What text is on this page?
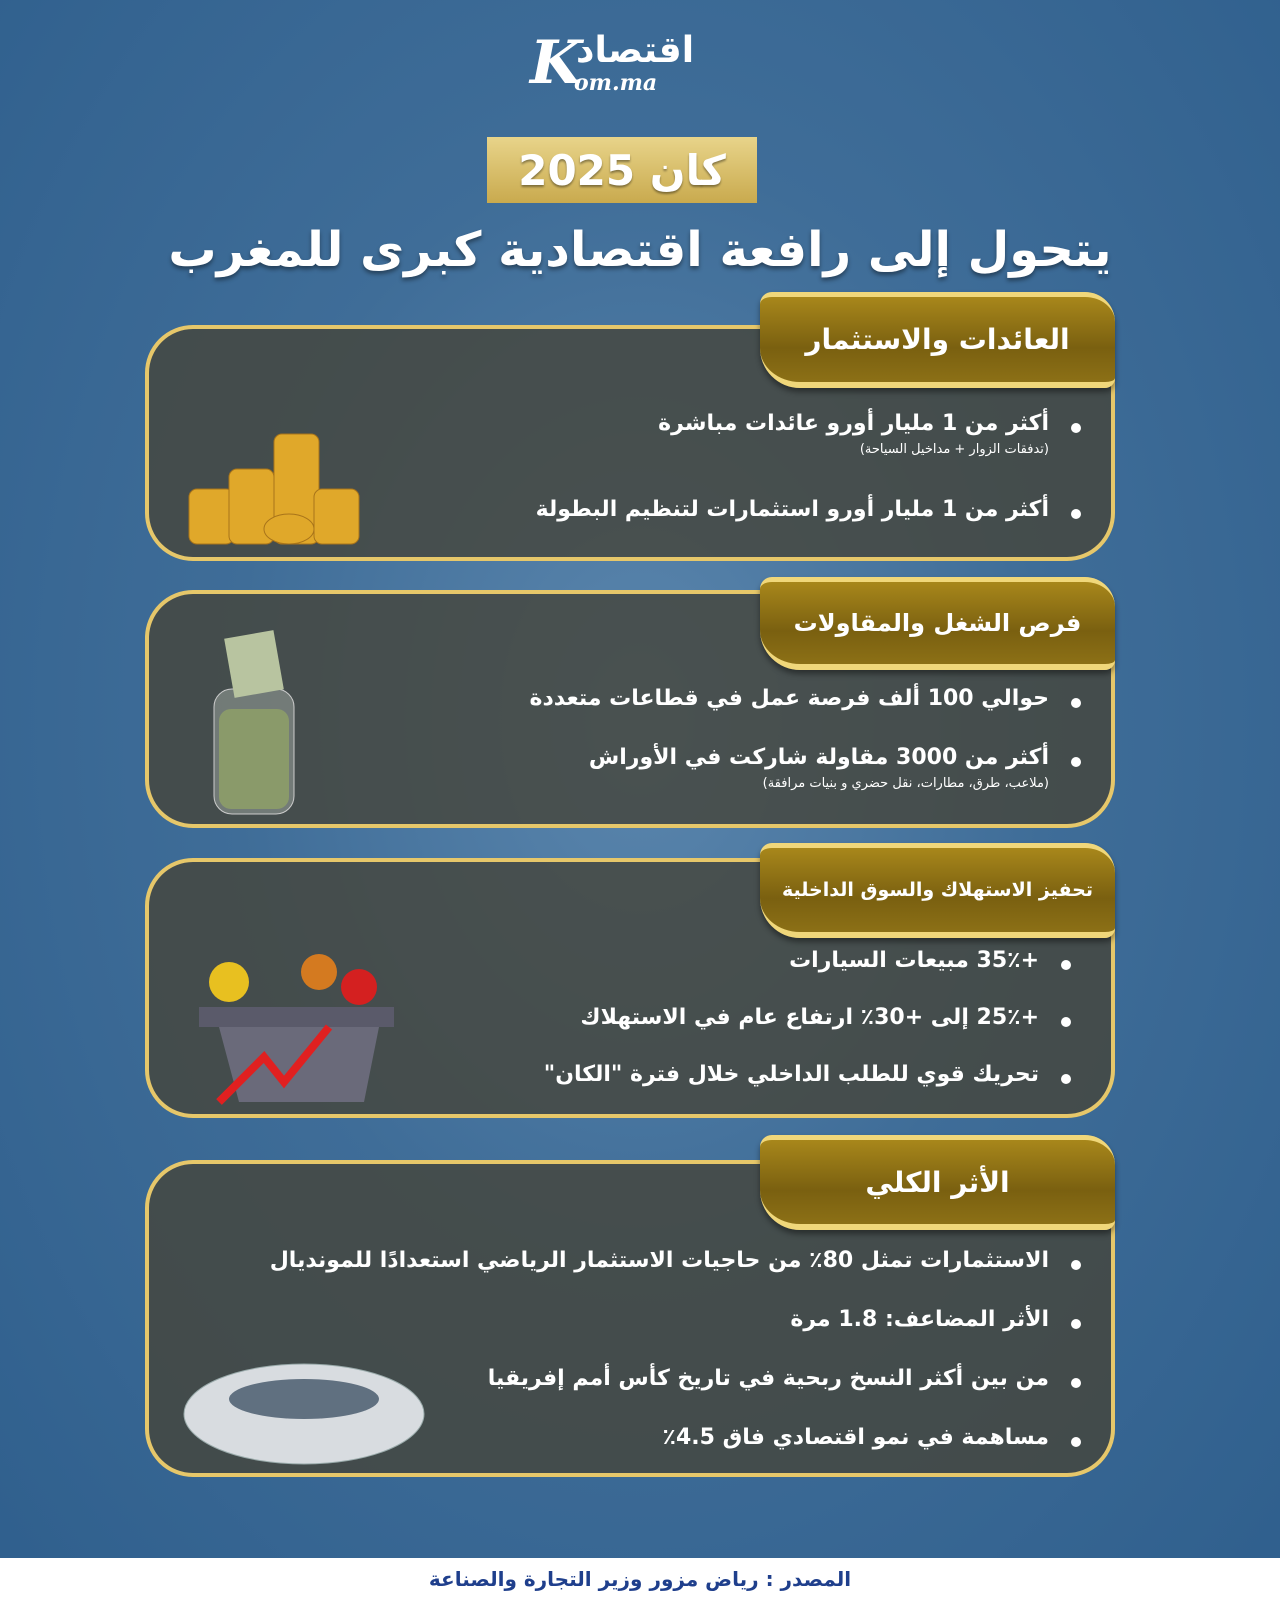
K
اقتصاد
om.ma
كان 2025
يتحول إلى رافعة اقتصادية كبرى للمغرب
أكثر من 1 مليار أورو عائدات مباشرة
(تدفقات الزوار + مداخيل السياحة)
أكثر من 1 مليار أورو استثمارات لتنظيم البطولة
العائدات والاستثمار
حوالي 100 ألف فرصة عمل في قطاعات متعددة
أكثر من 3000 مقاولة شاركت في الأوراش
(ملاعب، طرق، مطارات، نقل حضري و بنيات مرافقة)
فرص الشغل والمقاولات
+35٪ مبيعات السيارات
+25٪ إلى +30٪ ارتفاع عام في الاستهلاك
تحريك قوي للطلب الداخلي خلال فترة "الكان"
تحفيز الاستهلاك والسوق الداخلية
الاستثمارات تمثل 80٪ من حاجيات الاستثمار الرياضي استعدادًا للمونديال
الأثر المضاعف: 1.8 مرة
من بين أكثر النسخ ربحية في تاريخ كأس أمم إفريقيا
مساهمة في نمو اقتصادي فاق 4.5٪
الأثر الكلي
المصدر : رياض مزور وزير التجارة والصناعة
